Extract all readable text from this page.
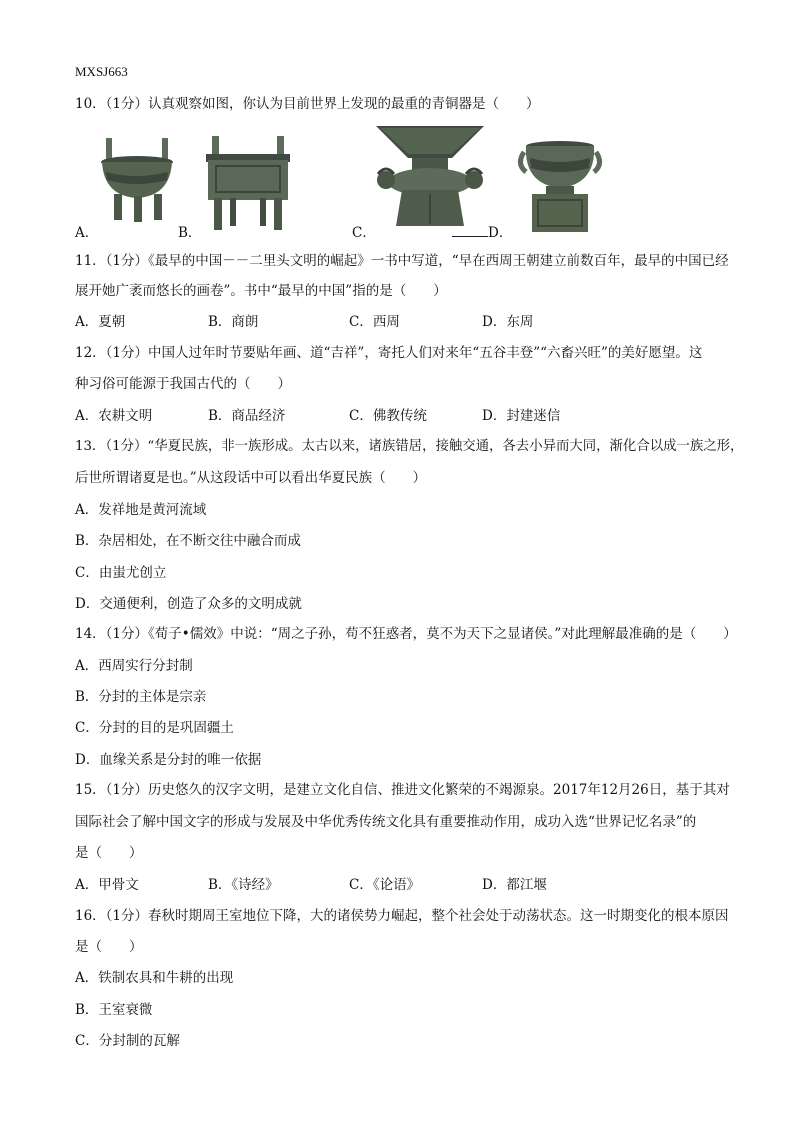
MXSJ663
10．（1分）认真观察如图，你认为目前世界上发现的最重的青铜器是（　　）
A．	B．	C．	D．
11．（1分）《最早的中国－－二里头文明的崛起》一书中写道，“早在西周王朝建立前数百年，最早的中国已经
展开她广袤而悠长的画卷”。书中“最早的中国”指的是（　　）
A．夏朝	B．商朗	C．西周	D．东周
12．（1分）中国人过年时节要贴年画、道“吉祥”，寄托人们对来年“五谷丰登”“六畜兴旺”的美好愿望。这
种习俗可能源于我国古代的（　　）
A．农耕文明	B．商品经济	C．佛教传统	D．封建迷信
13．（1分）“华夏民族，非一族形成。太古以来，诸族错居，接触交通，各去小异而大同，渐化合以成一族之形，
后世所谓诸夏是也。”从这段话中可以看出华夏民族（　　）
A．发祥地是黄河流域
B．杂居相处，在不断交往中融合而成
C．由蚩尤创立
D．交通便利，创造了众多的文明成就
14．（1分）《荀子•儒效》中说：“周之子孙，苟不狂惑者，莫不为天下之显诸侯。”对此理解最准确的是（　　）
A．西周实行分封制
B．分封的主体是宗亲
C．分封的目的是巩固疆土
D．血缘关系是分封的唯一依据
15．（1分）历史悠久的汉字文明，是建立文化自信、推进文化繁荣的不竭源泉。2017年12月26日，基于其对
国际社会了解中国文字的形成与发展及中华优秀传统文化具有重要推动作用，成功入选“世界记忆名录”的
是（　　）
A．甲骨文	B．《诗经》	C．《论语》	D．都江堰
16．（1分）春秋时期周王室地位下降，大的诸侯势力崛起，整个社会处于动荡状态。这一时期变化的根本原因
是（　　）
A．铁制农具和牛耕的出现
B．王室衰微
C．分封制的瓦解
